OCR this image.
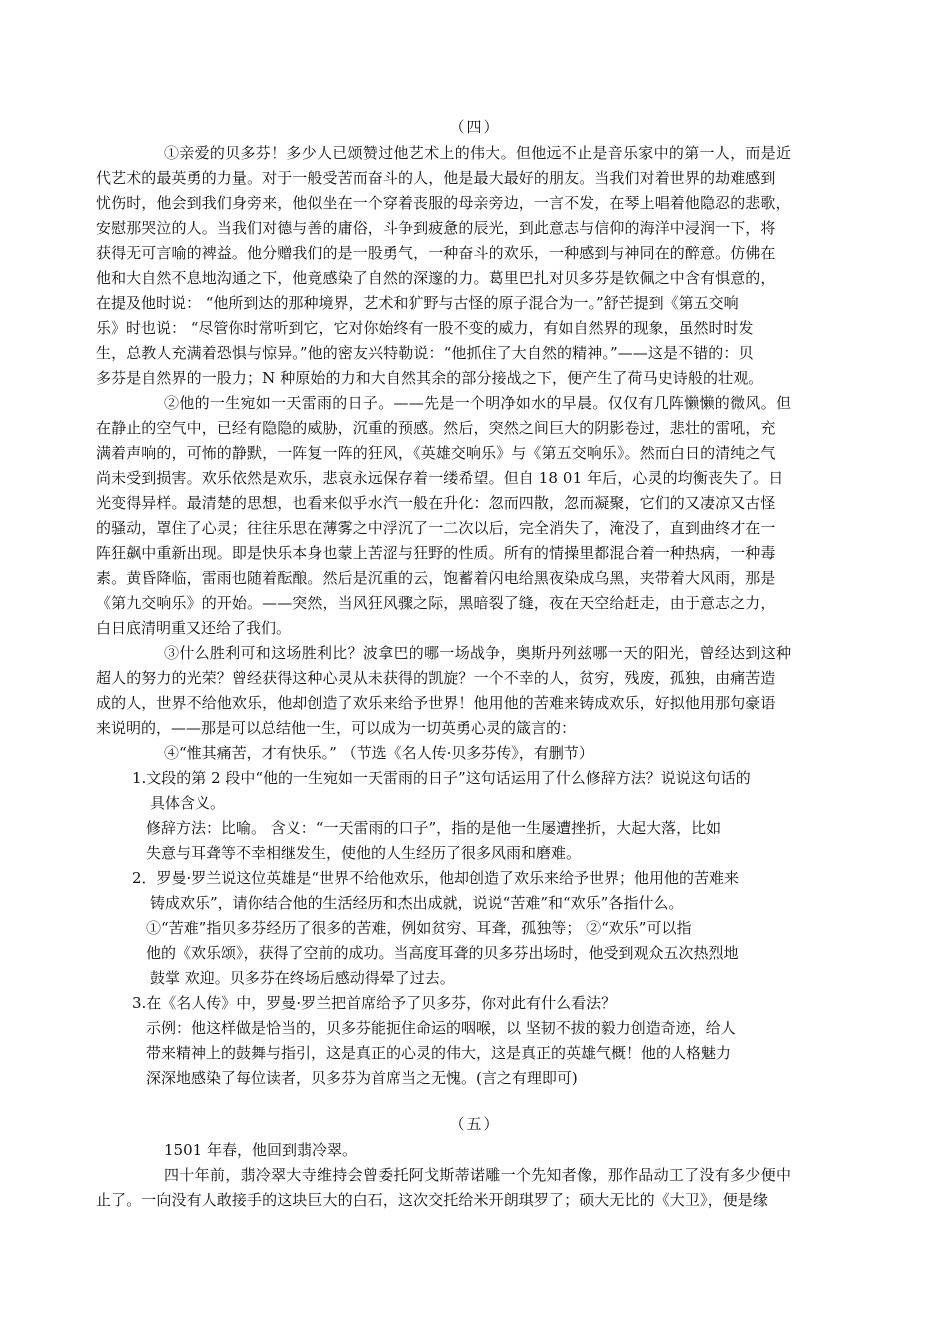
（四）
①亲爱的贝多芬！多少人已颂赞过他艺术上的伟大。但他远不止是音乐家中的第一人，而是近
代艺术的最英勇的力量。对于一般受苦而奋斗的人，他是最大最好的朋友。当我们对着世界的劫难感到
忧伤时，他会到我们身旁来，他似坐在一个穿着丧服的母亲旁边，一言不发，在琴上唱着他隐忍的悲歌，
安慰那哭泣的人。当我们对德与善的庸俗，斗争到疲惫的辰光，到此意志与信仰的海洋中浸润一下，将
获得无可言喻的裨益。他分赠我们的是一股勇气，一种奋斗的欢乐，一种感到与神同在的醉意。仿佛在
他和大自然不息地沟通之下，他竟感染了自然的深邃的力。葛里巴扎对贝多芬是钦佩之中含有惧意的，
在提及他时说： “他所到达的那种境界，艺术和犷野与古怪的原子混合为一。”舒芒提到《第五交响
乐》时也说： “尽管你时常听到它，它对你始终有一股不变的威力，有如自然界的现象，虽然时时发
生，总教人充满着恐惧与惊异。”他的密友兴特勒说：“他抓住了大自然的精神。”——这是不错的：贝
多芬是自然界的一股力；N 种原始的力和大自然其余的部分接战之下，便产生了荷马史诗般的壮观。
②他的一生宛如一天雷雨的日子。——先是一个明净如水的早晨。仅仅有几阵懒懒的微风。但
在静止的空气中，已经有隐隐的威胁，沉重的预感。然后，突然之间巨大的阴影卷过，悲壮的雷吼，充
满着声响的，可怖的静默，一阵复一阵的狂风，《英雄交响乐》与《第五交响乐》。然而白日的清纯之气
尚未受到损害。欢乐依然是欢乐，悲哀永远保存着一缕希望。但自 18 01 年后，心灵的均衡丧失了。日
光变得异样。最清楚的思想，也看来似乎水汽一般在升化：忽而四散，忽而凝聚，它们的又凄凉又古怪
的骚动，罩住了心灵；往往乐思在薄雾之中浮沉了一二次以后，完全消失了，淹没了，直到曲终才在一
阵狂飙中重新出现。即是快乐本身也蒙上苦涩与狂野的性质。所有的情操里都混合着一种热病，一种毒
素。黄昏降临，雷雨也随着酝酿。然后是沉重的云，饱蓄着闪电给黑夜染成乌黑，夹带着大风雨，那是
《第九交响乐》的开始。——突然，当风狂风骤之际，黑暗裂了缝，夜在天空给赶走，由于意志之力，
白日底清明重又还给了我们。
③什么胜利可和这场胜利比？波拿巴的哪一场战争，奥斯丹列兹哪一天的阳光，曾经达到这种
超人的努力的光荣？曾经获得这种心灵从未获得的凯旋？一个不幸的人，贫穷，残废，孤独，由痛苦造
成的人，世界不给他欢乐，他却创造了欢乐来给予世界！他用他的苦难来铸成欢乐，好拟他用那句豪语
来说明的，——那是可以总结他一生，可以成为一切英勇心灵的箴言的：
④“惟其痛苦，才有快乐。” （节选《名人传·贝多芬传》，有删节）
1.文段的第 2 段中“他的一生宛如一天雷雨的日子”这句话运用了什么修辞方法？说说这句话的
具体含义。
修辞方法：比喻。 含义：“一天雷雨的口子”，指的是他一生屡遭挫折，大起大落，比如
失意与耳聋等不幸相继发生，使他的人生经历了很多风雨和磨难。
2．罗曼·罗兰说这位英雄是“世界不给他欢乐，他却创造了欢乐来给予世界；他用他的苦难来
铸成欢乐”，请你结合他的生活经历和杰出成就，说说“苦难”和“欢乐”各指什么。
①“苦难”指贝多芬经历了很多的苦难，例如贫穷、耳聋，孤独等； ②“欢乐”可以指
他的《欢乐颂》，获得了空前的成功。当高度耳聋的贝多芬出场时，他受到观众五次热烈地
鼓掌 欢迎。贝多芬在终场后感动得晕了过去。
3.在《名人传》中，罗曼·罗兰把首席给予了贝多芬，你对此有什么看法？
示例：他这样做是恰当的，贝多芬能扼住命运的咽喉，以 坚韧不拔的毅力创造奇迹，给人
带来精神上的鼓舞与指引，这是真正的心灵的伟大，这是真正的英雄气概！他的人格魅力
深深地感染了每位读者，贝多芬为首席当之无愧。(言之有理即可)
（五）
1501 年春，他回到翡冷翠。
四十年前，翡冷翠大寺维持会曾委托阿戈斯蒂诺雕一个先知者像，那作品动工了没有多少便中
止了。一向没有人敢接手的这块巨大的白石，这次交托给米开朗琪罗了；硕大无比的《大卫》，便是缘
